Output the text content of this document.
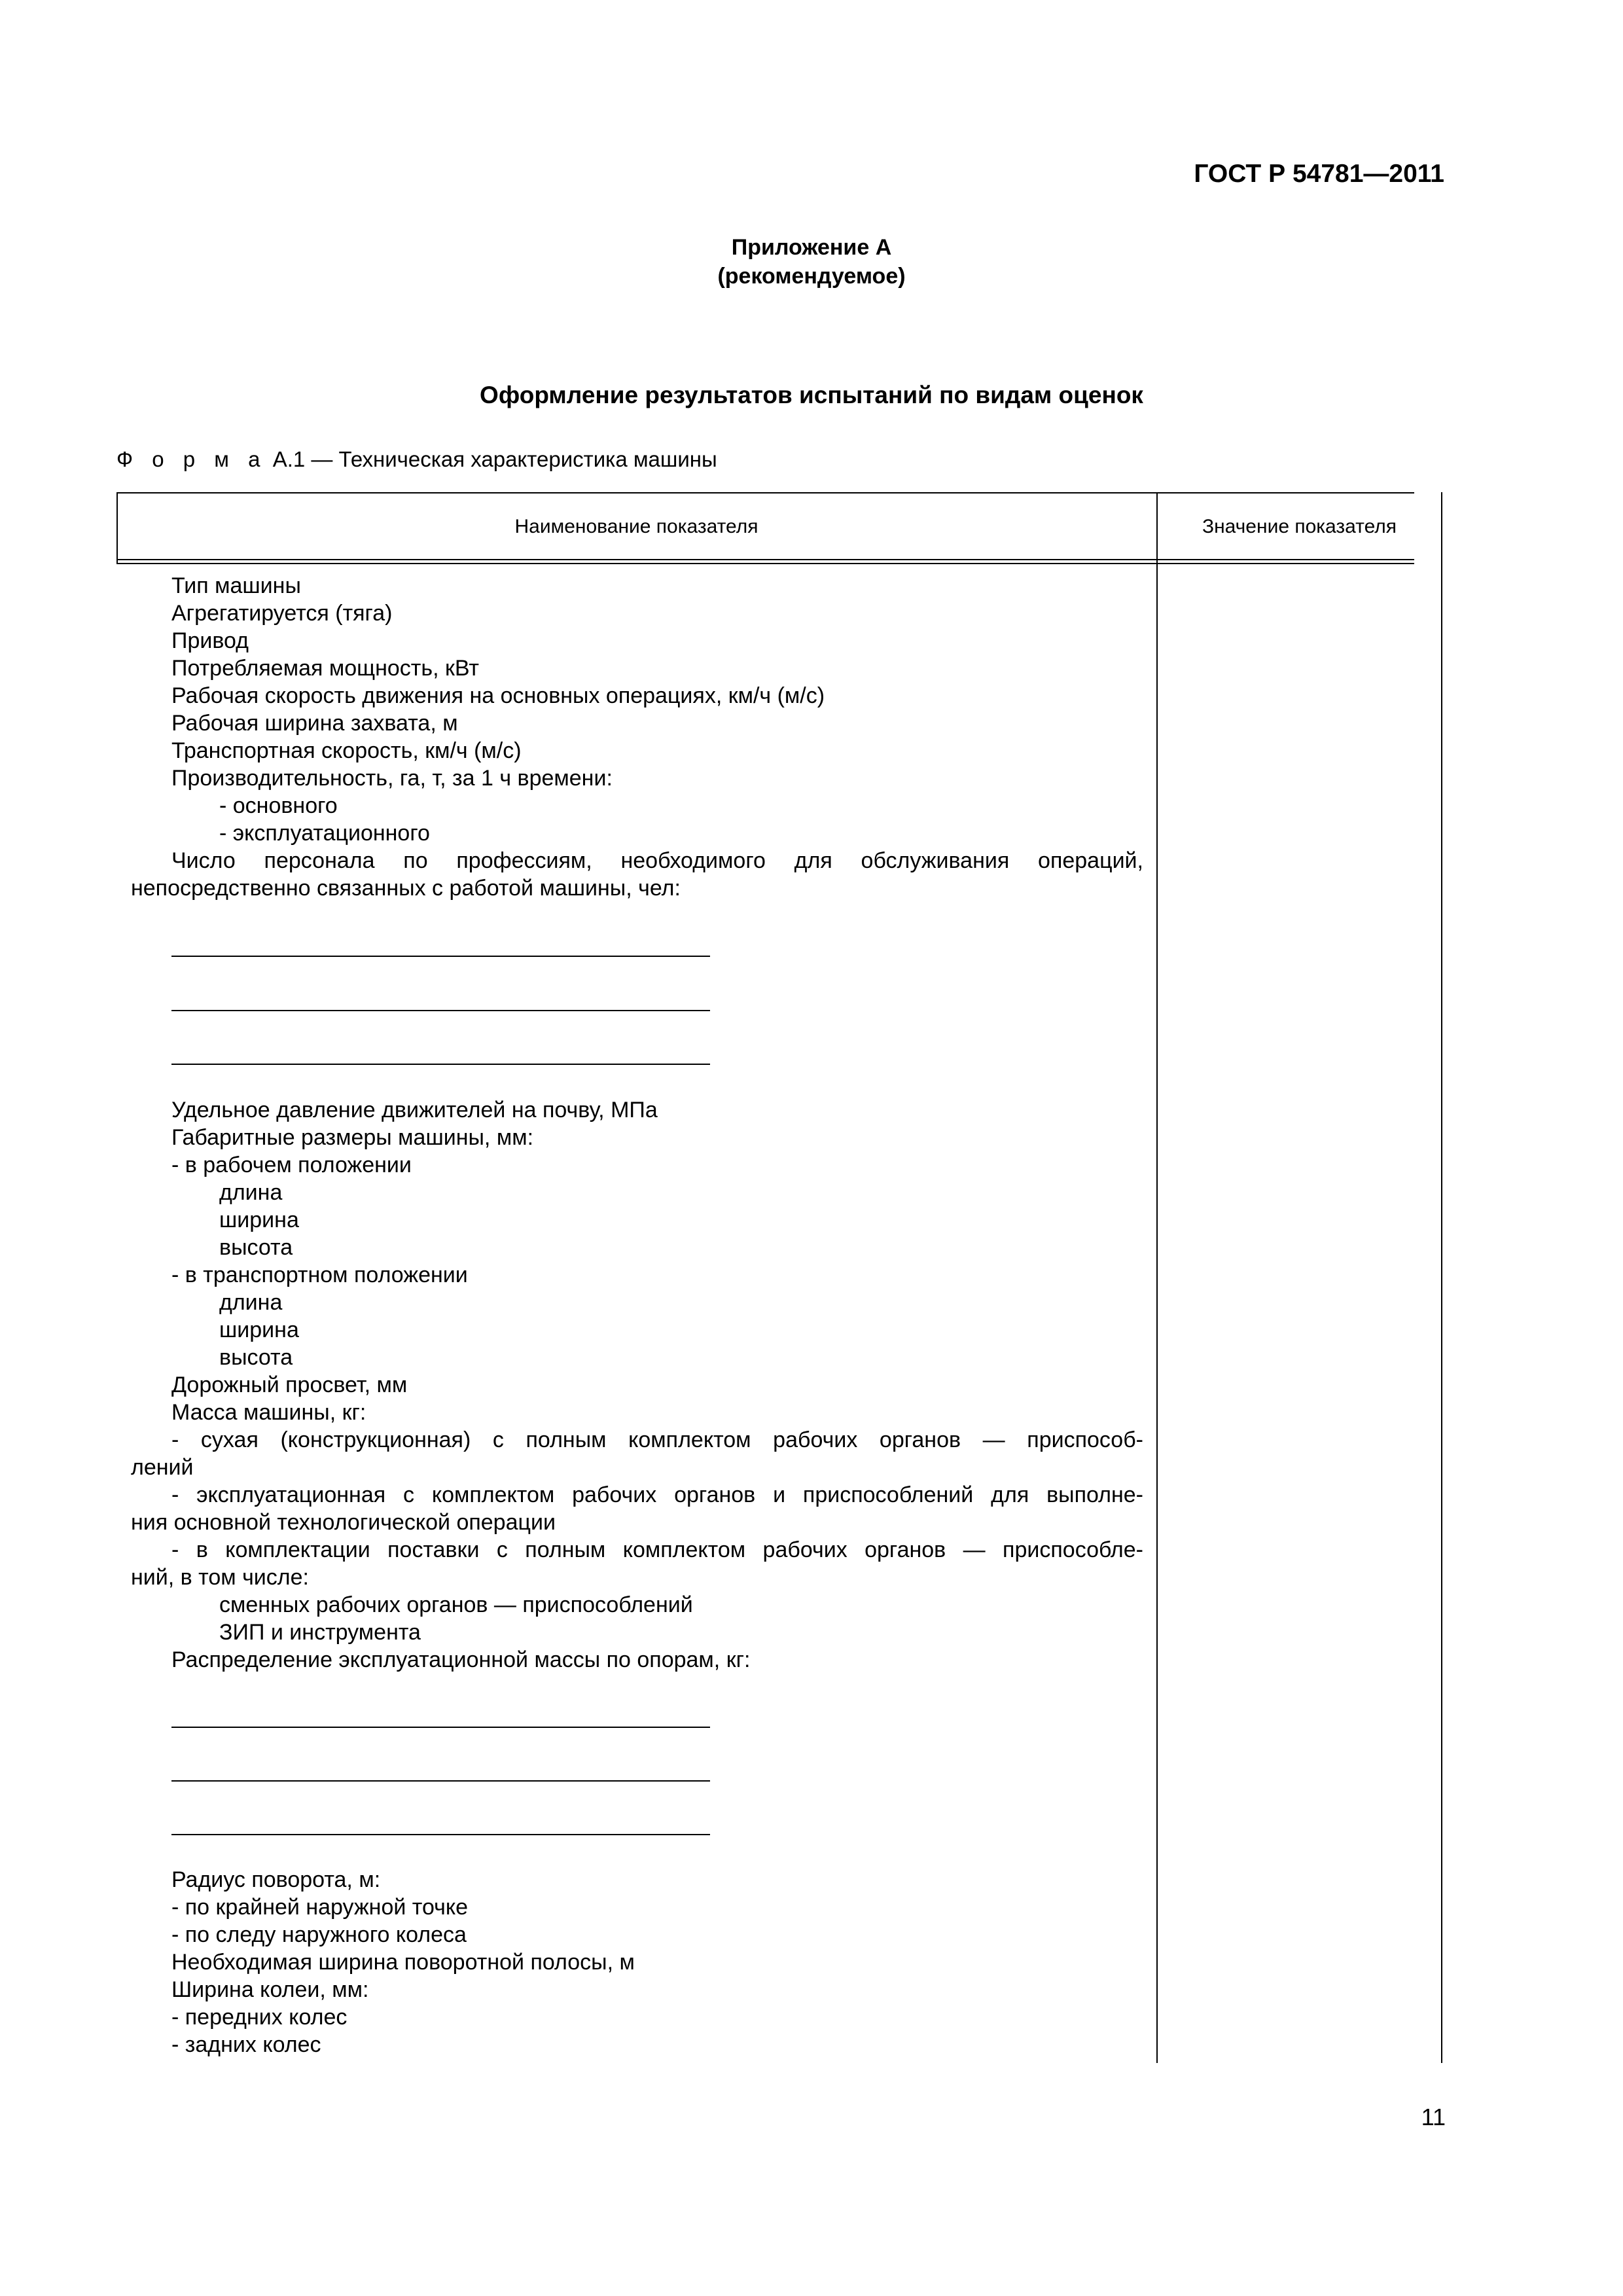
ГОСТ Р 54781—2011
Приложение А
(рекомендуемое)
Оформление результатов испытаний по видам оценок
Ф о р м а А.1 — Техническая характеристика машины
Наименование показателя	Значение показателя
Тип машины
Агрегатируется (тяга)
Привод
Потребляемая мощность, кВт
Рабочая скорость движения на основных операциях, км/ч (м/с)
Рабочая ширина захвата, м
Транспортная скорость, км/ч (м/с)
Производительность, га, т, за 1 ч времени:
- основного
- эксплуатационного
Число персонала по профессиям, необходимого для обслуживания операций,
непосредственно связанных с работой машины, чел:
Удельное давление движителей на почву, МПа
Габаритные размеры машины, мм:
- в рабочем положении
длина
ширина
высота
- в транспортном положении
длина
ширина
высота
Дорожный просвет, мм
Масса машины, кг:
- сухая (конструкционная) с полным комплектом рабочих органов — приспособ-
лений
- эксплуатационная с комплектом рабочих органов и приспособлений для выполне-
ния основной технологической операции
- в комплектации поставки с полным комплектом рабочих органов — приспособле-
ний, в том числе:
сменных рабочих органов — приспособлений
ЗИП и инструмента
Распределение эксплуатационной массы по опорам, кг:
Радиус поворота, м:
- по крайней наружной точке
- по следу наружного колеса
Необходимая ширина поворотной полосы, м
Ширина колеи, мм:
- передних колес
- задних колес
11
